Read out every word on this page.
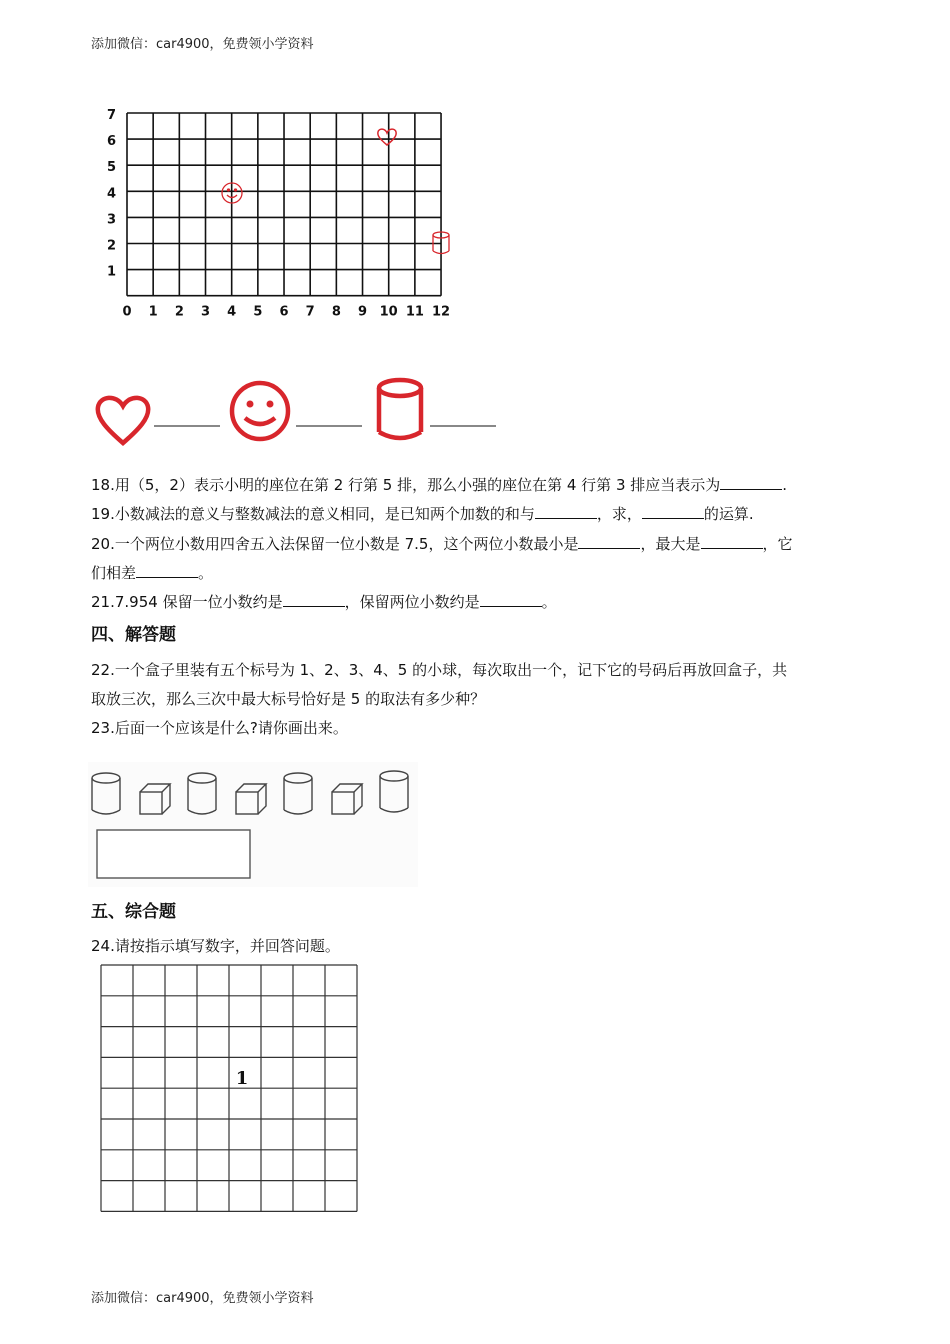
添加微信：car4900，免费领小学资料
7
6
5
4
3
2
1
0 1 2 3 4 5 6 7 8 9 10 11 12
18.用（5，2）表示小明的座位在第 2 行第 5 排，那么小强的座位在第 4 行第 3 排应当表示为	.
19.小数减法的意义与整数减法的意义相同，是已知两个加数的和与	，求，	的运算.
20.一个两位小数用四舍五入法保留一位小数是 7.5，这个两位小数最小是	，最大是	，它
们相差	。
21.7.954 保留一位小数约是	，保留两位小数约是	。
四、解答题
22.一个盒子里装有五个标号为 1、2、3、4、5 的小球，每次取出一个，记下它的号码后再放回盒子，共
取放三次，那么三次中最大标号恰好是 5 的取法有多少种？
23.后面一个应该是什么?请你画出来。
五、综合题
24.请按指示填写数字，并回答问题。
1
添加微信：car4900，免费领小学资料
